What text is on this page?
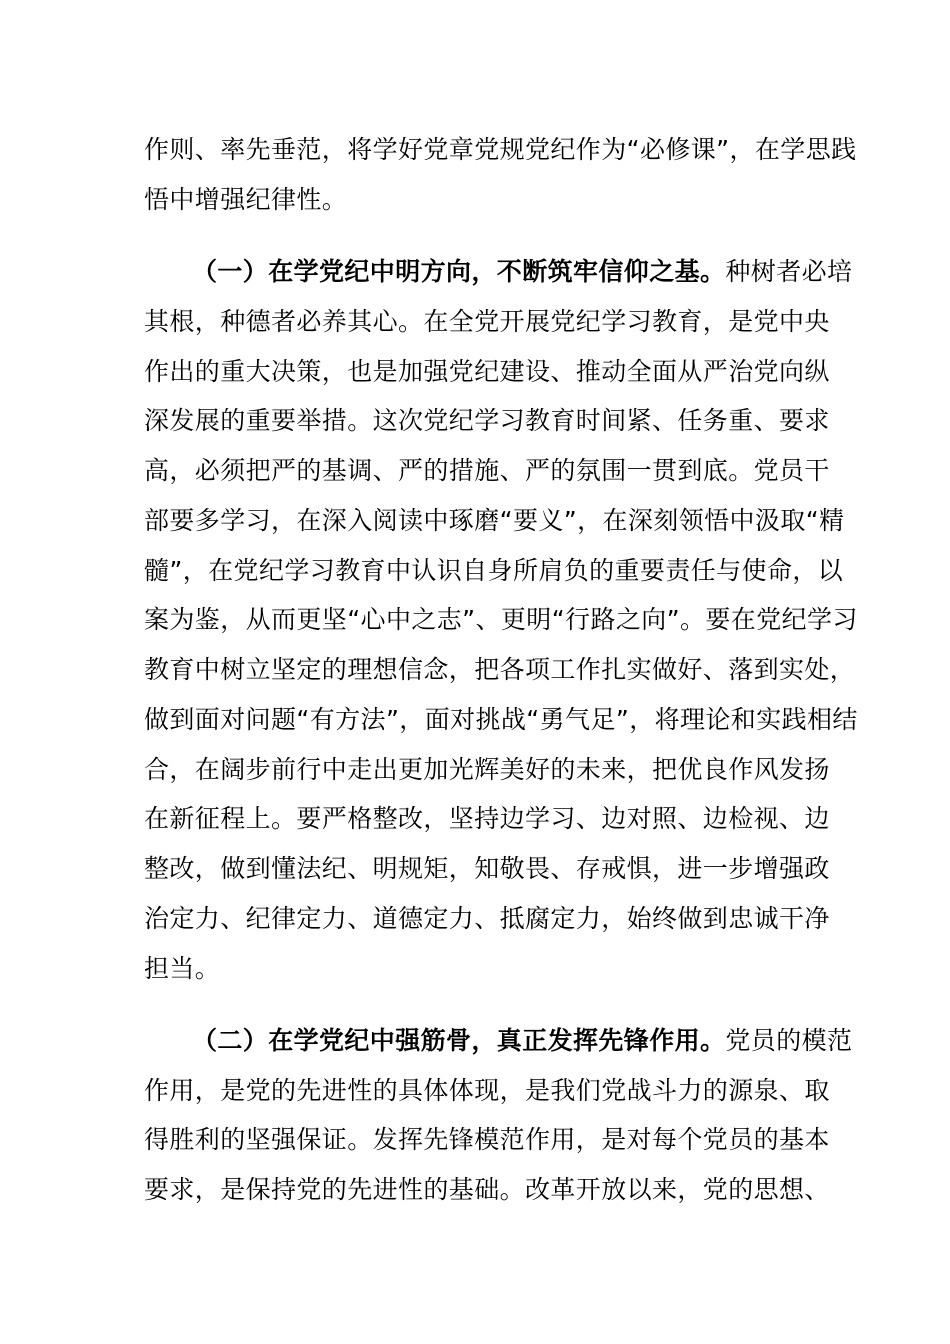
作则、率先垂范，将学好党章党规党纪作为“必修课”，在学思践
悟中增强纪律性。
（一）在学党纪中明方向，不断筑牢信仰之基。种树者必培
其根，种德者必养其心。在全党开展党纪学习教育，是党中央
作出的重大决策，也是加强党纪建设、推动全面从严治党向纵
深发展的重要举措。这次党纪学习教育时间紧、任务重、要求
高，必须把严的基调、严的措施、严的氛围一贯到底。党员干
部要多学习，在深入阅读中琢磨“要义”，在深刻领悟中汲取“精
髓”，在党纪学习教育中认识自身所肩负的重要责任与使命，以
案为鉴，从而更坚“心中之志”、更明“行路之向”。要在党纪学习
教育中树立坚定的理想信念，把各项工作扎实做好、落到实处，
做到面对问题“有方法”，面对挑战“勇气足”，将理论和实践相结
合，在阔步前行中走出更加光辉美好的未来，把优良作风发扬
在新征程上。要严格整改，坚持边学习、边对照、边检视、边
整改，做到懂法纪、明规矩，知敬畏、存戒惧，进一步增强政
治定力、纪律定力、道德定力、抵腐定力，始终做到忠诚干净
担当。
（二）在学党纪中强筋骨，真正发挥先锋作用。党员的模范
作用，是党的先进性的具体体现，是我们党战斗力的源泉、取
得胜利的坚强保证。发挥先锋模范作用，是对每个党员的基本
要求，是保持党的先进性的基础。改革开放以来，党的思想、
